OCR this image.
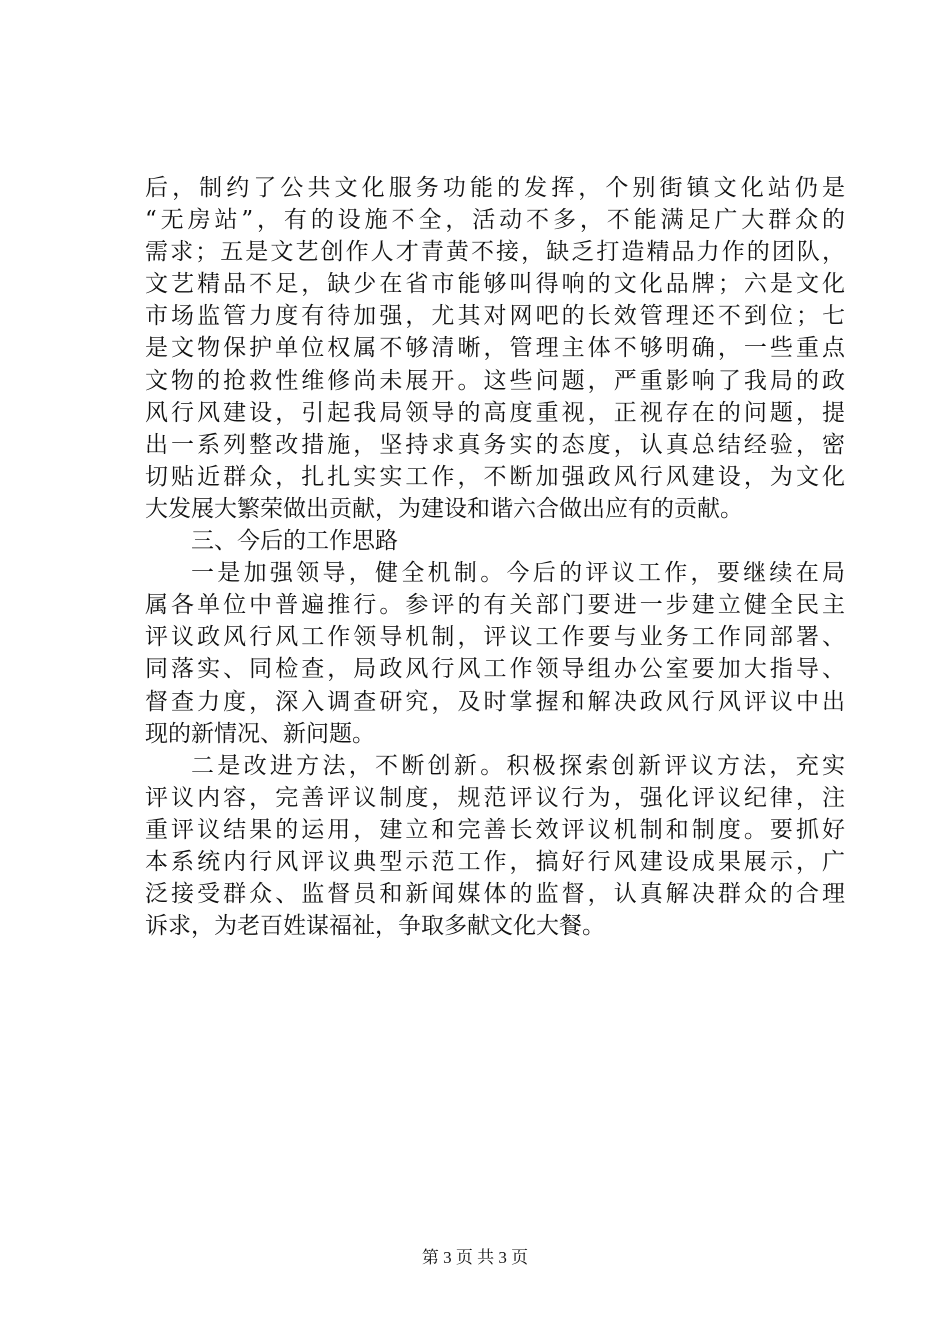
后，制约了公共文化服务功能的发挥，个别街镇文化站仍是
“无房站”，有的设施不全，活动不多，不能满足广大群众的
需求；五是文艺创作人才青黄不接，缺乏打造精品力作的团队，
文艺精品不足，缺少在省市能够叫得响的文化品牌；六是文化
市场监管力度有待加强，尤其对网吧的长效管理还不到位；七
是文物保护单位权属不够清晰，管理主体不够明确，一些重点
文物的抢救性维修尚未展开。这些问题，严重影响了我局的政
风行风建设，引起我局领导的高度重视，正视存在的问题，提
出一系列整改措施，坚持求真务实的态度，认真总结经验，密
切贴近群众，扎扎实实工作，不断加强政风行风建设，为文化
大发展大繁荣做出贡献，为建设和谐六合做出应有的贡献。
三、今后的工作思路
一是加强领导，健全机制。今后的评议工作，要继续在局
属各单位中普遍推行。参评的有关部门要进一步建立健全民主
评议政风行风工作领导机制，评议工作要与业务工作同部署、
同落实、同检查，局政风行风工作领导组办公室要加大指导、
督查力度，深入调查研究，及时掌握和解决政风行风评议中出
现的新情况、新问题。
二是改进方法，不断创新。积极探索创新评议方法，充实
评议内容，完善评议制度，规范评议行为，强化评议纪律，注
重评议结果的运用，建立和完善长效评议机制和制度。要抓好
本系统内行风评议典型示范工作，搞好行风建设成果展示，广
泛接受群众、监督员和新闻媒体的监督，认真解决群众的合理
诉求，为老百姓谋福祉，争取多献文化大餐。
第 3 页 共 3 页
